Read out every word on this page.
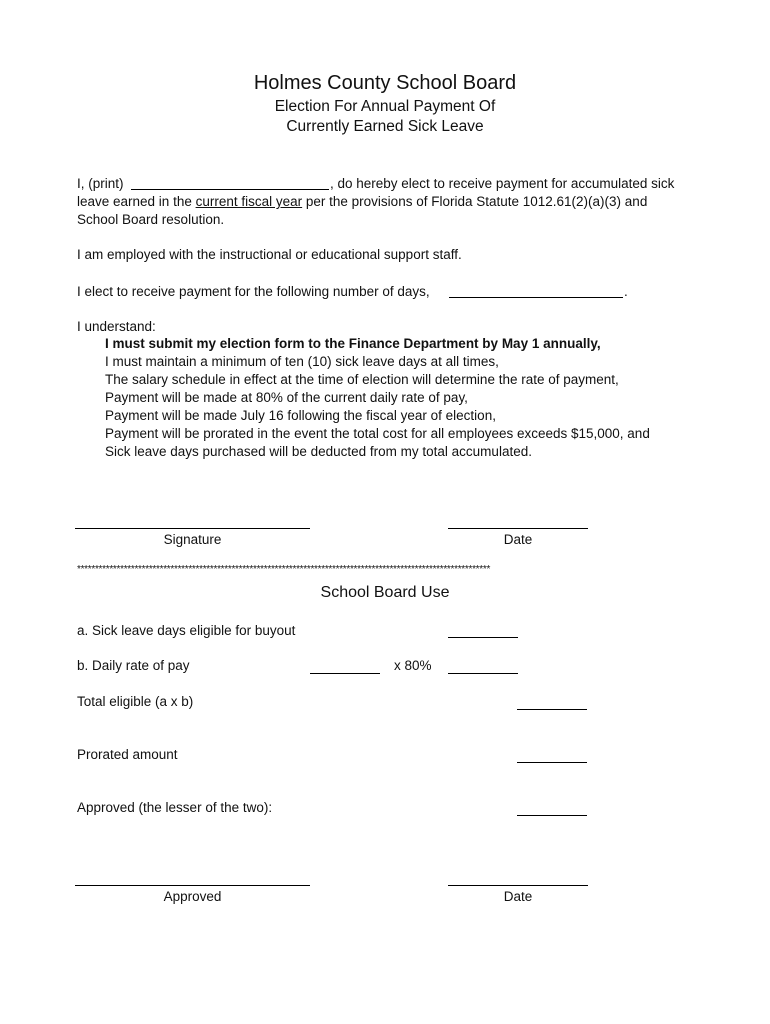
Holmes County School Board
Election For Annual Payment Of
Currently Earned Sick Leave
I, (print)	, do hereby elect to receive payment for accumulated sick
leave earned in the current fiscal year per the provisions of Florida Statute 1012.61(2)(a)(3) and
School Board resolution.
I am employed with the instructional or educational support staff.
I elect to receive payment for the following number of days,	.
I understand:
I must submit my election form to the Finance Department by May 1 annually,
I must maintain a minimum of ten (10) sick leave days at all times,
The salary schedule in effect at the time of election will determine the rate of payment,
Payment will be made at 80% of the current daily rate of pay,
Payment will be made July 16 following the fiscal year of election,
Payment will be prorated in the event the total cost for all employees exceeds $15,000, and
Sick leave days purchased will be deducted from my total accumulated.
Signature	Date
*******************************************************************************************************************
School Board Use
a. Sick leave days eligible for buyout
b. Daily rate of pay	x 80%
Total eligible (a x b)
Prorated amount
Approved (the lesser of the two):
Approved	Date
